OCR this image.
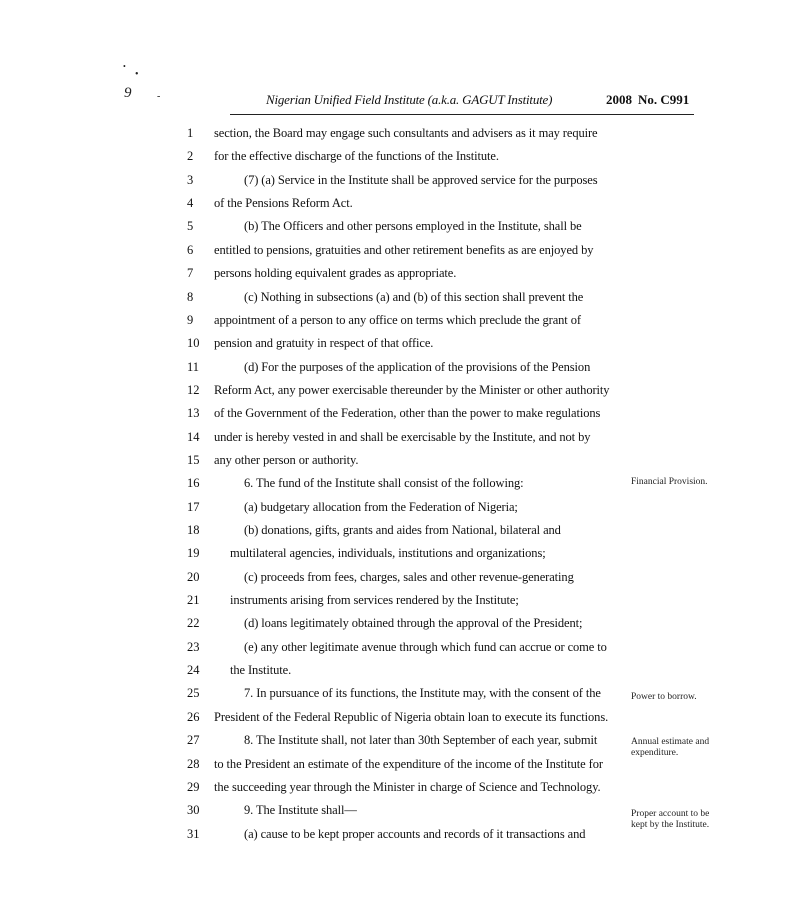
•
•
9	-	Nigerian Unified Field Institute (a.k.a. GAGUT Institute)	2008 No. C991
1	section, the Board may engage such consultants and advisers as it may require
2	for the effective discharge of the functions of the Institute.
3	(7) (a) Service in the Institute shall be approved service for the purposes
4	of the Pensions Reform Act.
5	(b) The Officers and other persons employed in the Institute, shall be
6	entitled to pensions, gratuities and other retirement benefits as are enjoyed by
7	persons holding equivalent grades as appropriate.
8	(c) Nothing in subsections (a) and (b) of this section shall prevent the
9	appointment of a person to any office on terms which preclude the grant of
10	pension and gratuity in respect of that office.
11	(d) For the purposes of the application of the provisions of the Pension
12	Reform Act, any power exercisable thereunder by the Minister or other authority
13	of the Government of the Federation, other than the power to make regulations
14	under is hereby vested in and shall be exercisable by the Institute, and not by
15	any other person or authority.
16	6. The fund of the Institute shall consist of the following:
17	(a) budgetary allocation from the Federation of Nigeria;
18	(b) donations, gifts, grants and aides from National, bilateral and
19	multilateral agencies, individuals, institutions and organizations;
20	(c) proceeds from fees, charges, sales and other revenue-generating
21	instruments arising from services rendered by the Institute;
22	(d) loans legitimately obtained through the approval of the President;
23	(e) any other legitimate avenue through which fund can accrue or come to
24	the Institute.
25	7. In pursuance of its functions, the Institute may, with the consent of the
26	President of the Federal Republic of Nigeria obtain loan to execute its functions.
27	8. The Institute shall, not later than 30th September of each year, submit
28	to the President an estimate of the expenditure of the income of the Institute for
29	the succeeding year through the Minister in charge of Science and Technology.
30	9. The Institute shall—
31	(a) cause to be kept proper accounts and records of it transactions and
Financial Provision.
Power to borrow.
Annual estimate and expenditure.
Proper account to be kept by the Institute.
